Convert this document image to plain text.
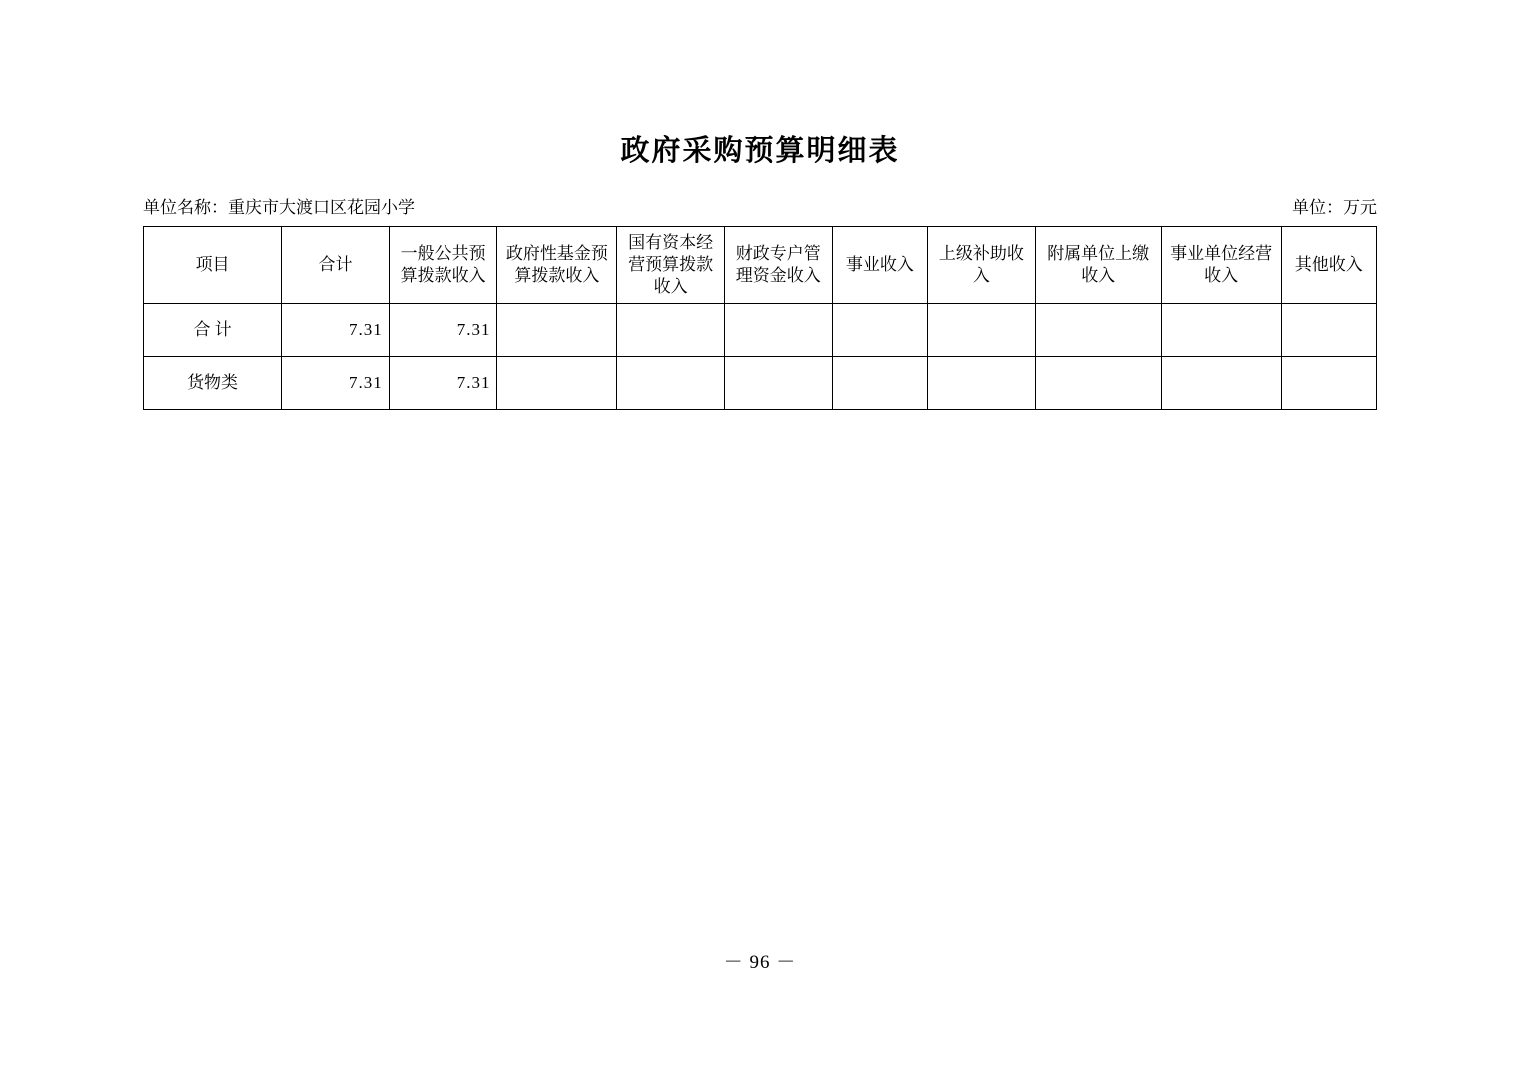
政府采购预算明细表
单位名称：重庆市大渡口区花园小学	单位：万元
项目	合计	一般公共预算拨款收入	政府性基金预算拨款收入	国有资本经营预算拨款收入	财政专户管理资金收入	事业收入	上级补助收入	附属单位上缴收入	事业单位经营收入	其他收入

合 计	7.31	7.31								
货物类	7.31	7.31								
－ 96 －
